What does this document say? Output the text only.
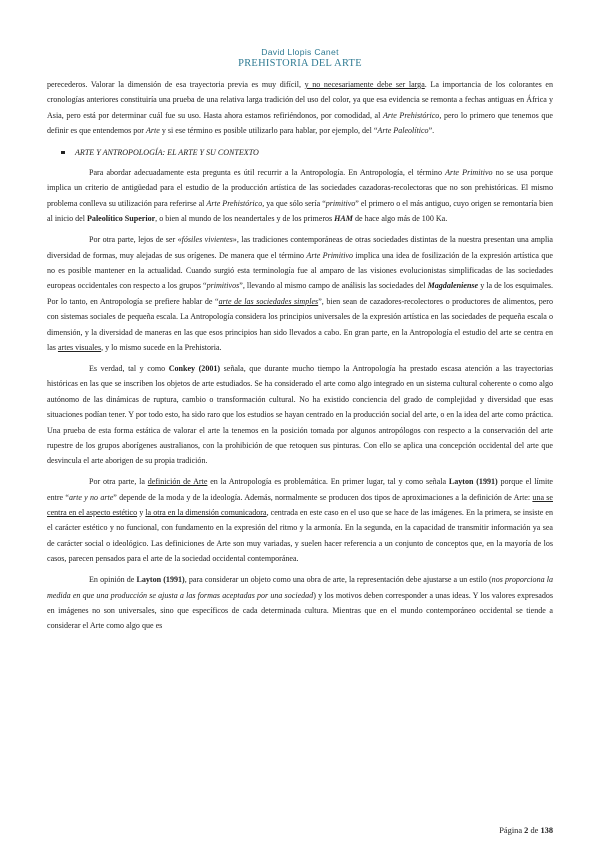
David Llopis Canet
PREHISTORIA DEL ARTE

perecederos. Valorar la dimensión de esa trayectoria previa es muy difícil, y no necesariamente debe ser larga. La importancia de los colorantes en cronologías anteriores constituiría una prueba de una relativa larga tradición del uso del color, ya que esa evidencia se remonta a fechas antiguas en África y Asia, pero está por determinar cuál fue su uso. Hasta ahora estamos refiriéndonos, por comodidad, al Arte Prehistórico, pero lo primero que tenemos que definir es que entendemos por Arte y si ese término es posible utilizarlo para hablar, por ejemplo, del “Arte Paleolítico”.

ARTE Y ANTROPOLOGÍA: EL ARTE Y SU CONTEXTO

Para abordar adecuadamente esta pregunta es útil recurrir a la Antropología. En Antropología, el término Arte Primitivo no se usa porque implica un criterio de antigüedad para el estudio de la producción artística de las sociedades cazadoras-recolectoras que no son prehistóricas. El mismo problema conlleva su utilización para referirse al Arte Prehistórico, ya que sólo sería “primitivo” el primero o el más antiguo, cuyo origen se remontaría bien al inicio del Paleolítico Superior, o bien al mundo de los neandertales y de los primeros HAM de hace algo más de 100 Ka.

Por otra parte, lejos de ser «fósiles vivientes», las tradiciones contemporáneas de otras sociedades distintas de la nuestra presentan una amplia diversidad de formas, muy alejadas de sus orígenes. De manera que el término Arte Primitivo implica una idea de fosilización de la expresión artística que no es posible mantener en la actualidad. Cuando surgió esta terminología fue al amparo de las visiones evolucionistas simplificadas de las sociedades europeas occidentales con respecto a los grupos “primitivos”, llevando al mismo campo de análisis las sociedades del Magdaleniense y la de los esquimales. Por lo tanto, en Antropología se prefiere hablar de “arte de las sociedades simples”, bien sean de cazadores-recolectores o productores de alimentos, pero con sistemas sociales de pequeña escala. La Antropología considera los principios universales de la expresión artística en las sociedades de pequeña escala o dimensión, y la diversidad de maneras en las que esos principios han sido llevados a cabo. En gran parte, en la Antropología el estudio del arte se centra en las artes visuales, y lo mismo sucede en la Prehistoria.

Es verdad, tal y como Conkey (2001) señala, que durante mucho tiempo la Antropología ha prestado escasa atención a las trayectorias históricas en las que se inscriben los objetos de arte estudiados. Se ha considerado el arte como algo integrado en un sistema cultural coherente o como algo autónomo de las dinámicas de ruptura, cambio o transformación cultural. No ha existido conciencia del grado de complejidad y diversidad que esas situaciones podían tener. Y por todo esto, ha sido raro que los estudios se hayan centrado en la producción social del arte, o en la idea del arte como práctica. Una prueba de esta forma estática de valorar el arte la tenemos en la posición tomada por algunos antropólogos con respecto a la conservación del arte rupestre de los grupos aborígenes australianos, con la prohibición de que retoquen sus pinturas. Con ello se aplica una concepción occidental del arte que desvincula el arte aborigen de su propia tradición.

Por otra parte, la definición de Arte en la Antropología es problemática. En primer lugar, tal y como señala Layton (1991) porque el límite entre “arte y no arte” depende de la moda y de la ideología. Además, normalmente se producen dos tipos de aproximaciones a la definición de Arte: una se centra en el aspecto estético y la otra en la dimensión comunicadora, centrada en este caso en el uso que se hace de las imágenes. En la primera, se insiste en el carácter estético y no funcional, con fundamento en la expresión del ritmo y la armonía. En la segunda, en la capacidad de transmitir información ya sea de carácter social o ideológico. Las definiciones de Arte son muy variadas, y suelen hacer referencia a un conjunto de conceptos que, en la mayoría de los casos, parecen pensados para el arte de la sociedad occidental contemporánea.

En opinión de Layton (1991), para considerar un objeto como una obra de arte, la representación debe ajustarse a un estilo (nos proporciona la medida en que una producción se ajusta a las formas aceptadas por una sociedad) y los motivos deben corresponder a unas ideas. Y los valores expresados en imágenes no son universales, sino que específicos de cada determinada cultura. Mientras que en el mundo contemporáneo occidental se tiende a considerar el Arte como algo que es

Página 2 de 138
